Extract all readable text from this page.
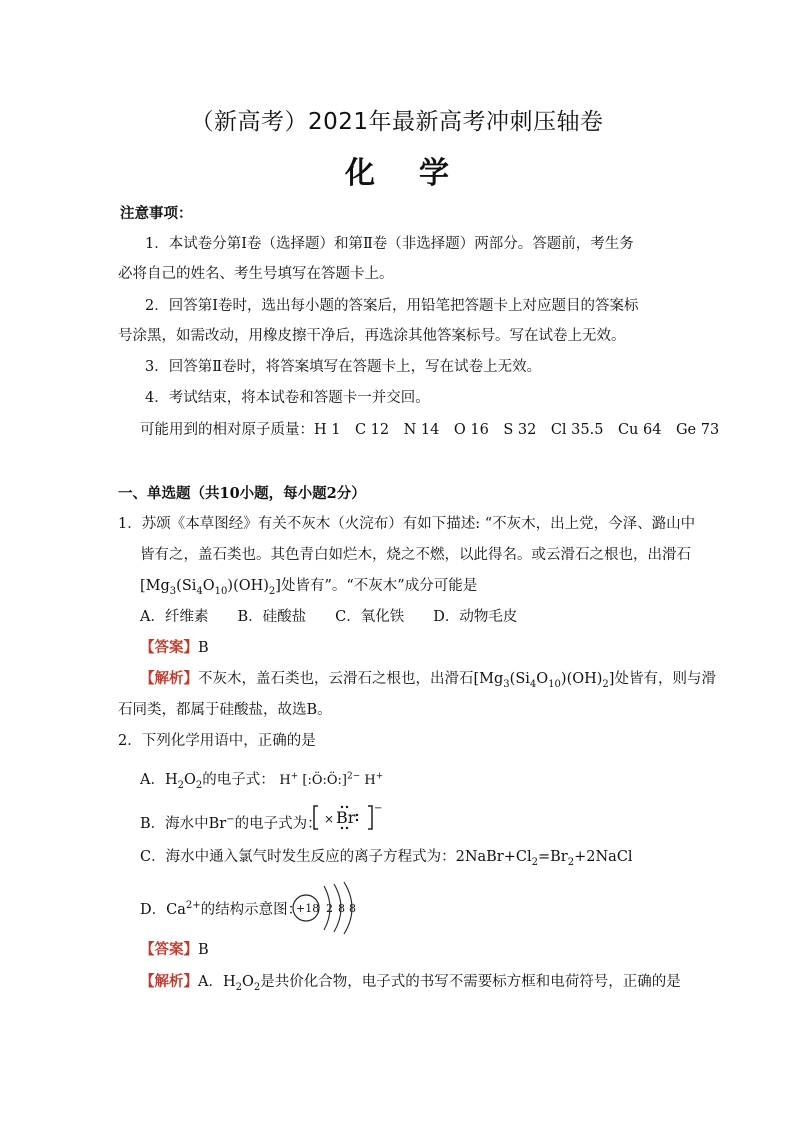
（新高考）2021年最新高考冲刺压轴卷
化学
注意事项：
1．本试卷分第Ⅰ卷（选择题）和第Ⅱ卷（非选择题）两部分。答题前，考生务
必将自己的姓名、考生号填写在答题卡上。
2．回答第Ⅰ卷时，选出每小题的答案后，用铅笔把答题卡上对应题目的答案标
号涂黑，如需改动，用橡皮擦干净后，再选涂其他答案标号。写在试卷上无效。
3．回答第Ⅱ卷时，将答案填写在答题卡上，写在试卷上无效。
4．考试结束，将本试卷和答题卡一并交回。
可能用到的相对原子质量：H 1　C 12　N 14　O 16　S 32　Cl 35.5　Cu 64　Ge 73
一、单选题（共10小题，每小题2分）
1．苏颂《本草图经》有关不灰木（火浣布）有如下描述: “不灰木，出上党，今泽、潞山中
皆有之，盖石类也。其色青白如烂木，烧之不燃，以此得名。或云滑石之根也，出滑石
$[Mg_3(Si_4O_{10})(OH)_2]$处皆有”。“不灰木”成分可能是
A．纤维素　　B．硅酸盐　　C．氧化铁　　D．动物毛皮
【答案】B
【解析】不灰木，盖石类也，云滑石之根也，出滑石$[Mg_3(Si_4O_{10})(OH)_2]$处皆有，则与滑
石同类，都属于硅酸盐，故选B。
2．下列化学用语中，正确的是
A．$H_2O_2$的电子式： H+ [:Ö:Ö:]$^{2-}$ H+
B．海水中Br−的电子式为： × Br −
C．海水中通入氯气时发生反应的离子方程式为：$2NaBr+Cl_2=Br_2+2NaCl$
D．$Ca^{2+}$的结构示意图：
+18 2 8 8
【答案】B
【解析】A．$H_2O_2$是共价化合物，电子式的书写不需要标方框和电荷符号，正确的是
